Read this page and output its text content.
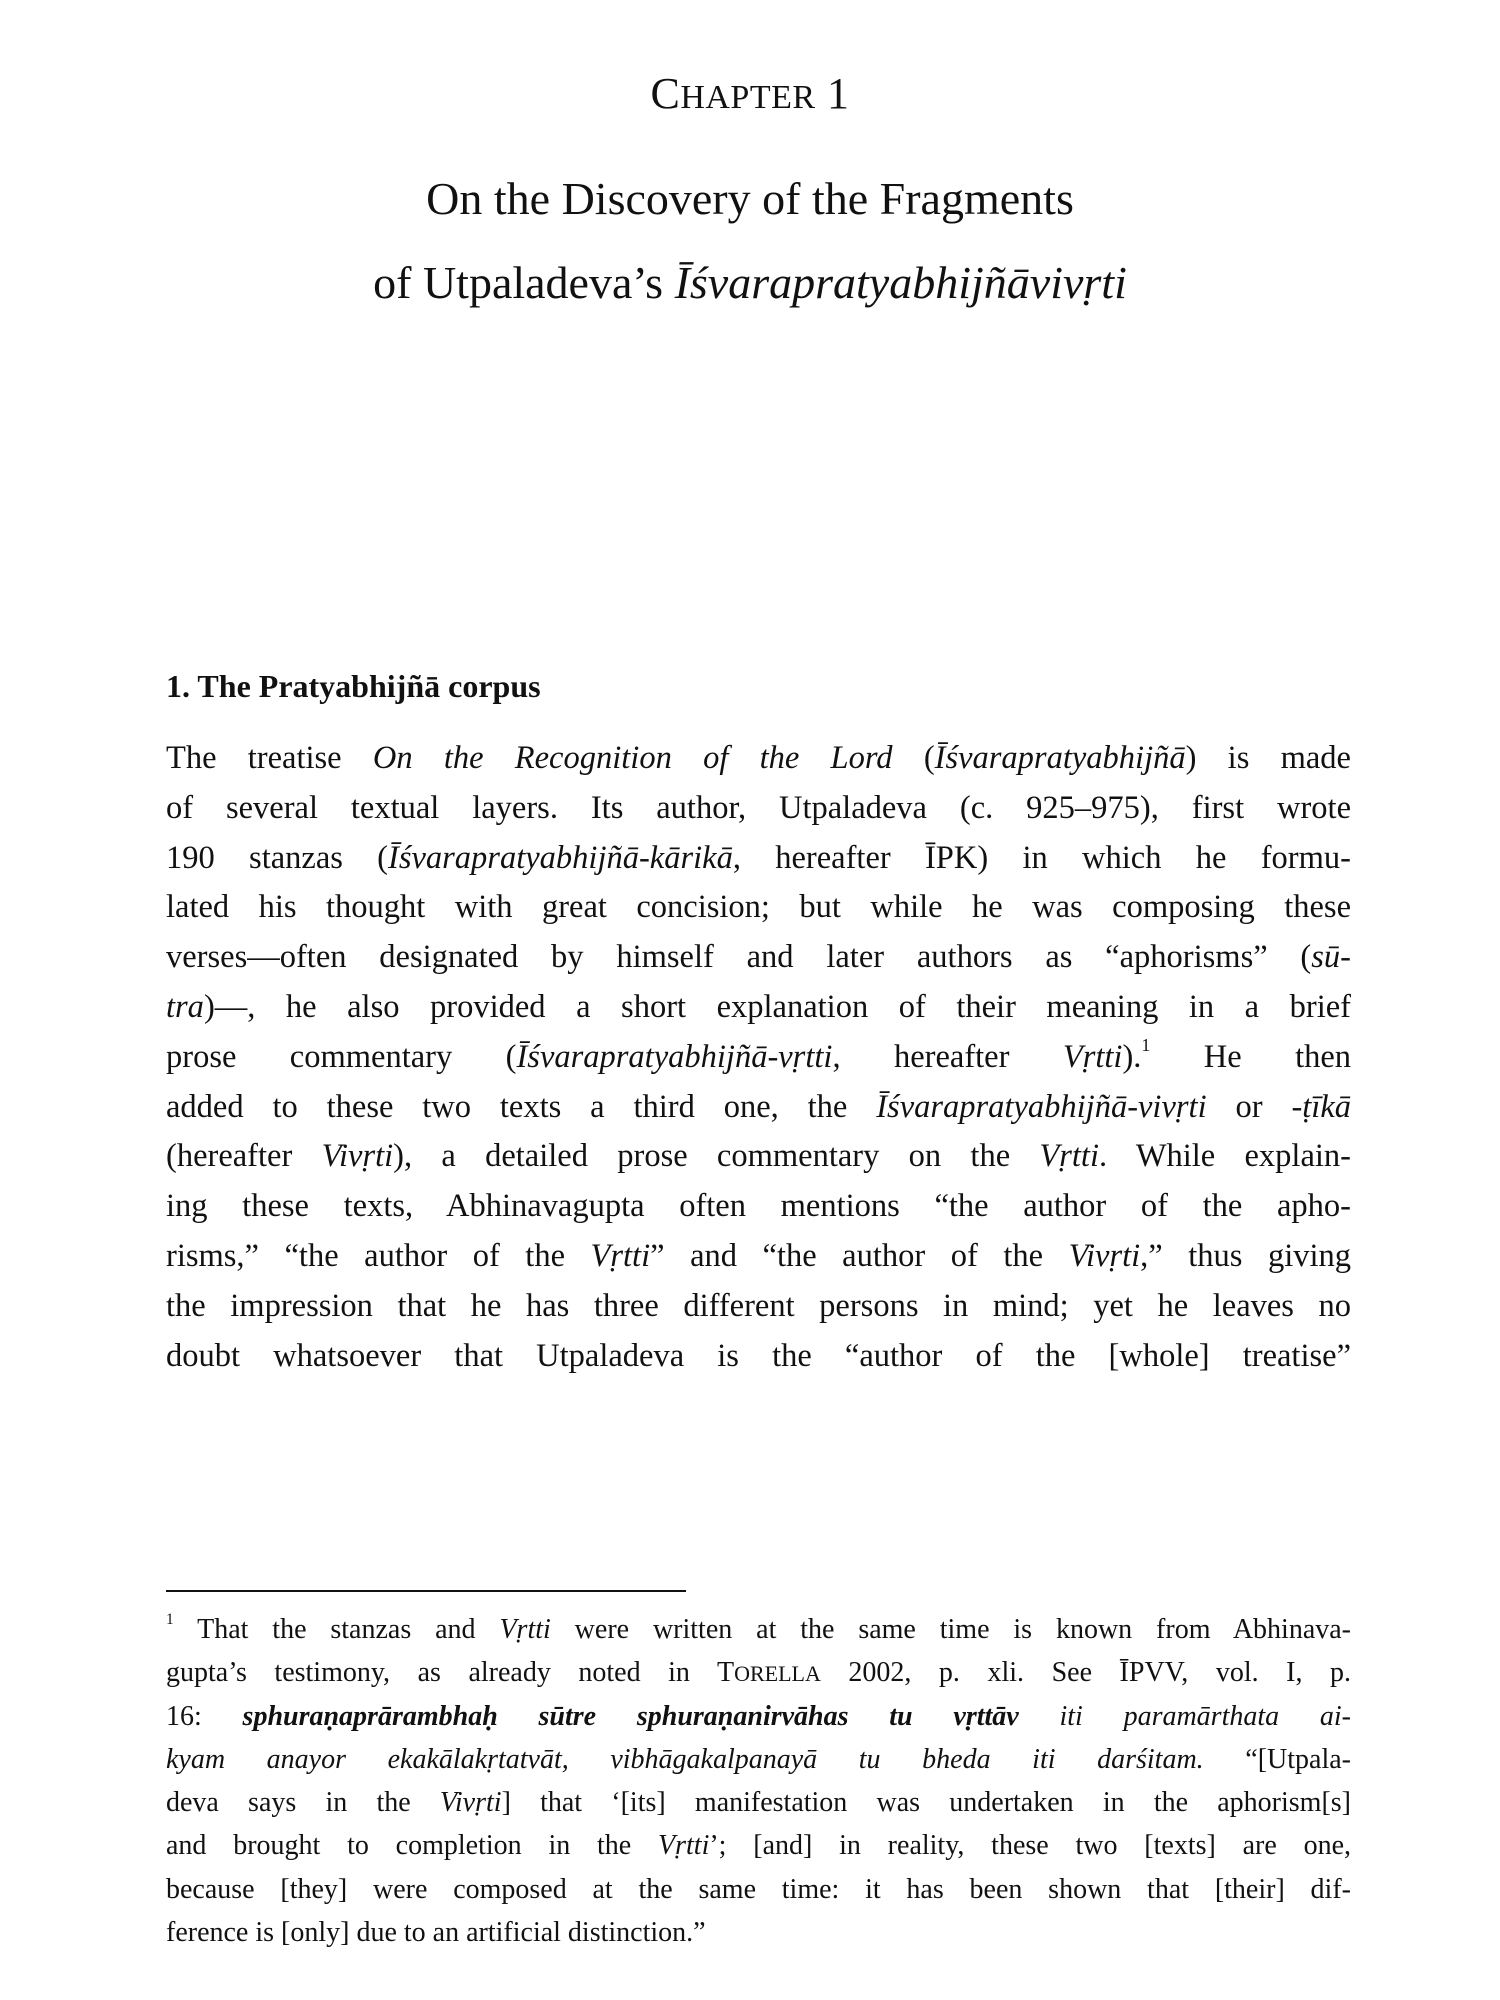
CHAPTER 1
On the Discovery of the Fragments
of Utpaladeva’s Īśvarapratyabhijñāvivṛti
1. The Pratyabhijñā corpus
The treatise On the Recognition of the Lord (Īśvarapratyabhijñā) is made
of several textual layers. Its author, Utpaladeva (c. 925–975), first wrote
190 stanzas (Īśvarapratyabhijñā-kārikā, hereafter ĪPK) in which he formu-
lated his thought with great concision; but while he was composing these
verses—often designated by himself and later authors as “aphorisms” (sū-
tra)—, he also provided a short explanation of their meaning in a brief
prose commentary (Īśvarapratyabhijñā-vṛtti, hereafter Vṛtti).$^1$ He then
added to these two texts a third one, the Īśvarapratyabhijñā-vivṛti or -ṭīkā
(hereafter Vivṛti), a detailed prose commentary on the Vṛtti. While explain-
ing these texts, Abhinavagupta often mentions “the author of the apho-
risms,” “the author of the Vṛtti” and “the author of the Vivṛti,” thus giving
the impression that he has three different persons in mind; yet he leaves no
doubt whatsoever that Utpaladeva is the “author of the [whole] treatise”
$^1$ That the stanzas and Vṛtti were written at the same time is known from Abhinava-
gupta’s testimony, as already noted in TORELLA 2002, p. xli. See ĪPVV, vol. I, p.
16: sphuraṇaprārambhaḥ sūtre sphuraṇanirvāhas tu vṛttāv iti paramārthata ai-
kyam anayor ekakālakṛtatvāt, vibhāgakalpanayā tu bheda iti darśitam. “[Utpala-
deva says in the Vivṛti] that ‘[its] manifestation was undertaken in the aphorism[s]
and brought to completion in the Vṛtti’; [and] in reality, these two [texts] are one,
because [they] were composed at the same time: it has been shown that [their] dif-
ference is [only] due to an artificial distinction.”
